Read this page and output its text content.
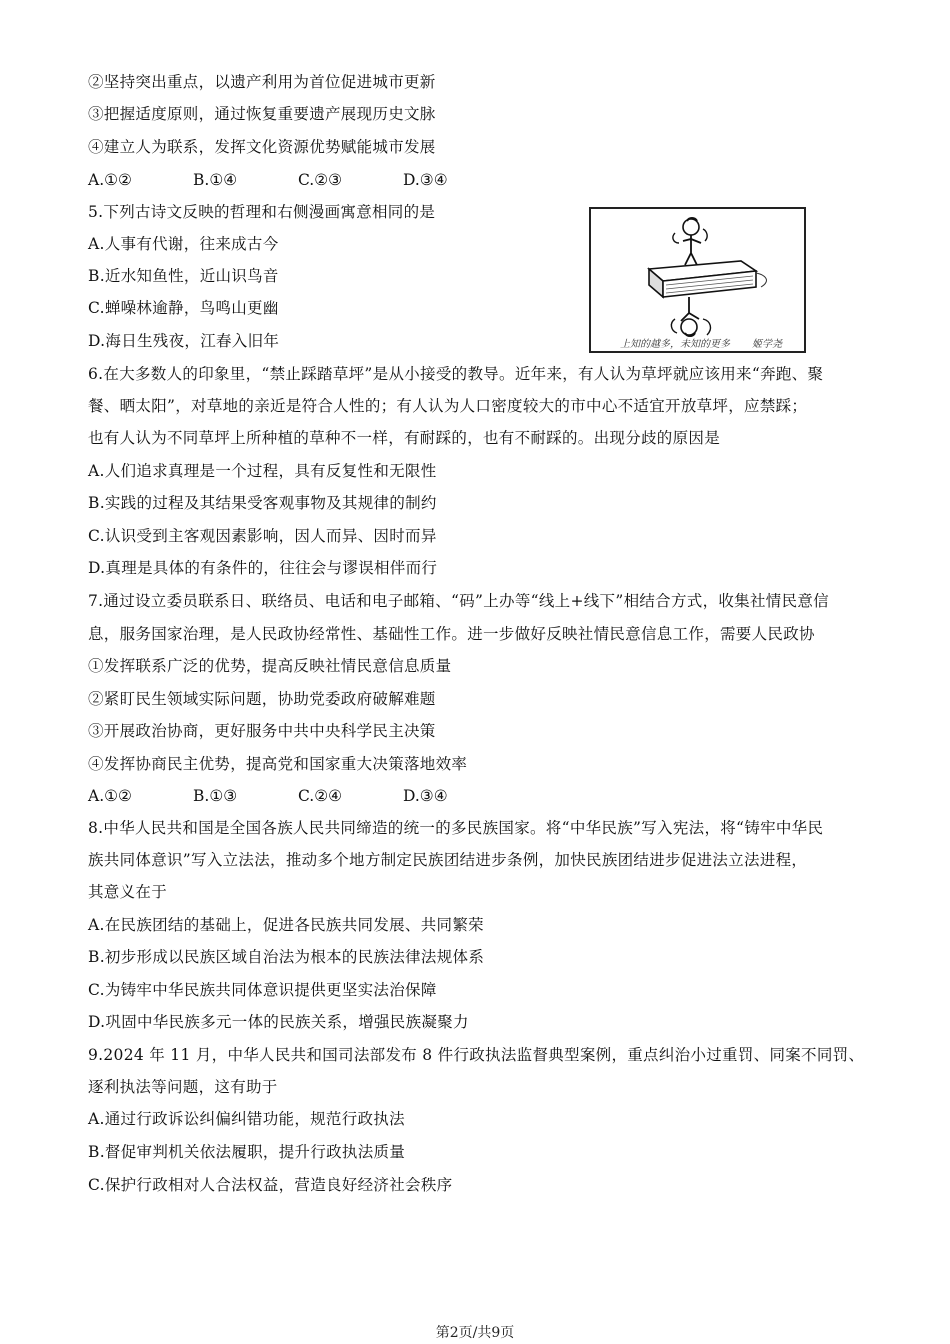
②坚持突出重点，以遗产利用为首位促进城市更新
③把握适度原则，通过恢复重要遗产展现历史文脉
④建立人为联系，发挥文化资源优势赋能城市发展
A.①②	B.①④	C.②③	D.③④
5.下列古诗文反映的哲理和右侧漫画寓意相同的是
A.人事有代谢，往来成古今
B.近水知鱼性，近山识鸟音
C.蝉噪林逾静，鸟鸣山更幽
D.海日生残夜，江春入旧年	上知的越多，未知的更多 姬学尧
6.在大多数人的印象里，“禁止踩踏草坪”是从小接受的教导。近年来，有人认为草坪就应该用来“奔跑、聚
餐、晒太阳”，对草地的亲近是符合人性的；有人认为人口密度较大的市中心不适宜开放草坪，应禁踩；
也有人认为不同草坪上所种植的草种不一样，有耐踩的，也有不耐踩的。出现分歧的原因是
A.人们追求真理是一个过程，具有反复性和无限性
B.实践的过程及其结果受客观事物及其规律的制约
C.认识受到主客观因素影响，因人而异、因时而异
D.真理是具体的有条件的，往往会与谬误相伴而行
7.通过设立委员联系日、联络员、电话和电子邮箱、“码”上办等“线上+线下”相结合方式，收集社情民意信
息，服务国家治理，是人民政协经常性、基础性工作。进一步做好反映社情民意信息工作，需要人民政协
①发挥联系广泛的优势，提高反映社情民意信息质量
②紧盯民生领域实际问题，协助党委政府破解难题
③开展政治协商，更好服务中共中央科学民主决策
④发挥协商民主优势，提高党和国家重大决策落地效率
A.①②	B.①③	C.②④	D.③④
8.中华人民共和国是全国各族人民共同缔造的统一的多民族国家。将“中华民族”写入宪法，将“铸牢中华民
族共同体意识”写入立法法，推动多个地方制定民族团结进步条例，加快民族团结进步促进法立法进程，
其意义在于
A.在民族团结的基础上，促进各民族共同发展、共同繁荣
B.初步形成以民族区域自治法为根本的民族法律法规体系
C.为铸牢中华民族共同体意识提供更坚实法治保障
D.巩固中华民族多元一体的民族关系，增强民族凝聚力
9.2024 年 11 月，中华人民共和国司法部发布 8 件行政执法监督典型案例，重点纠治小过重罚、同案不同罚、
逐利执法等问题，这有助于
A.通过行政诉讼纠偏纠错功能，规范行政执法
B.督促审判机关依法履职，提升行政执法质量
C.保护行政相对人合法权益，营造良好经济社会秩序
第2页/共9页
